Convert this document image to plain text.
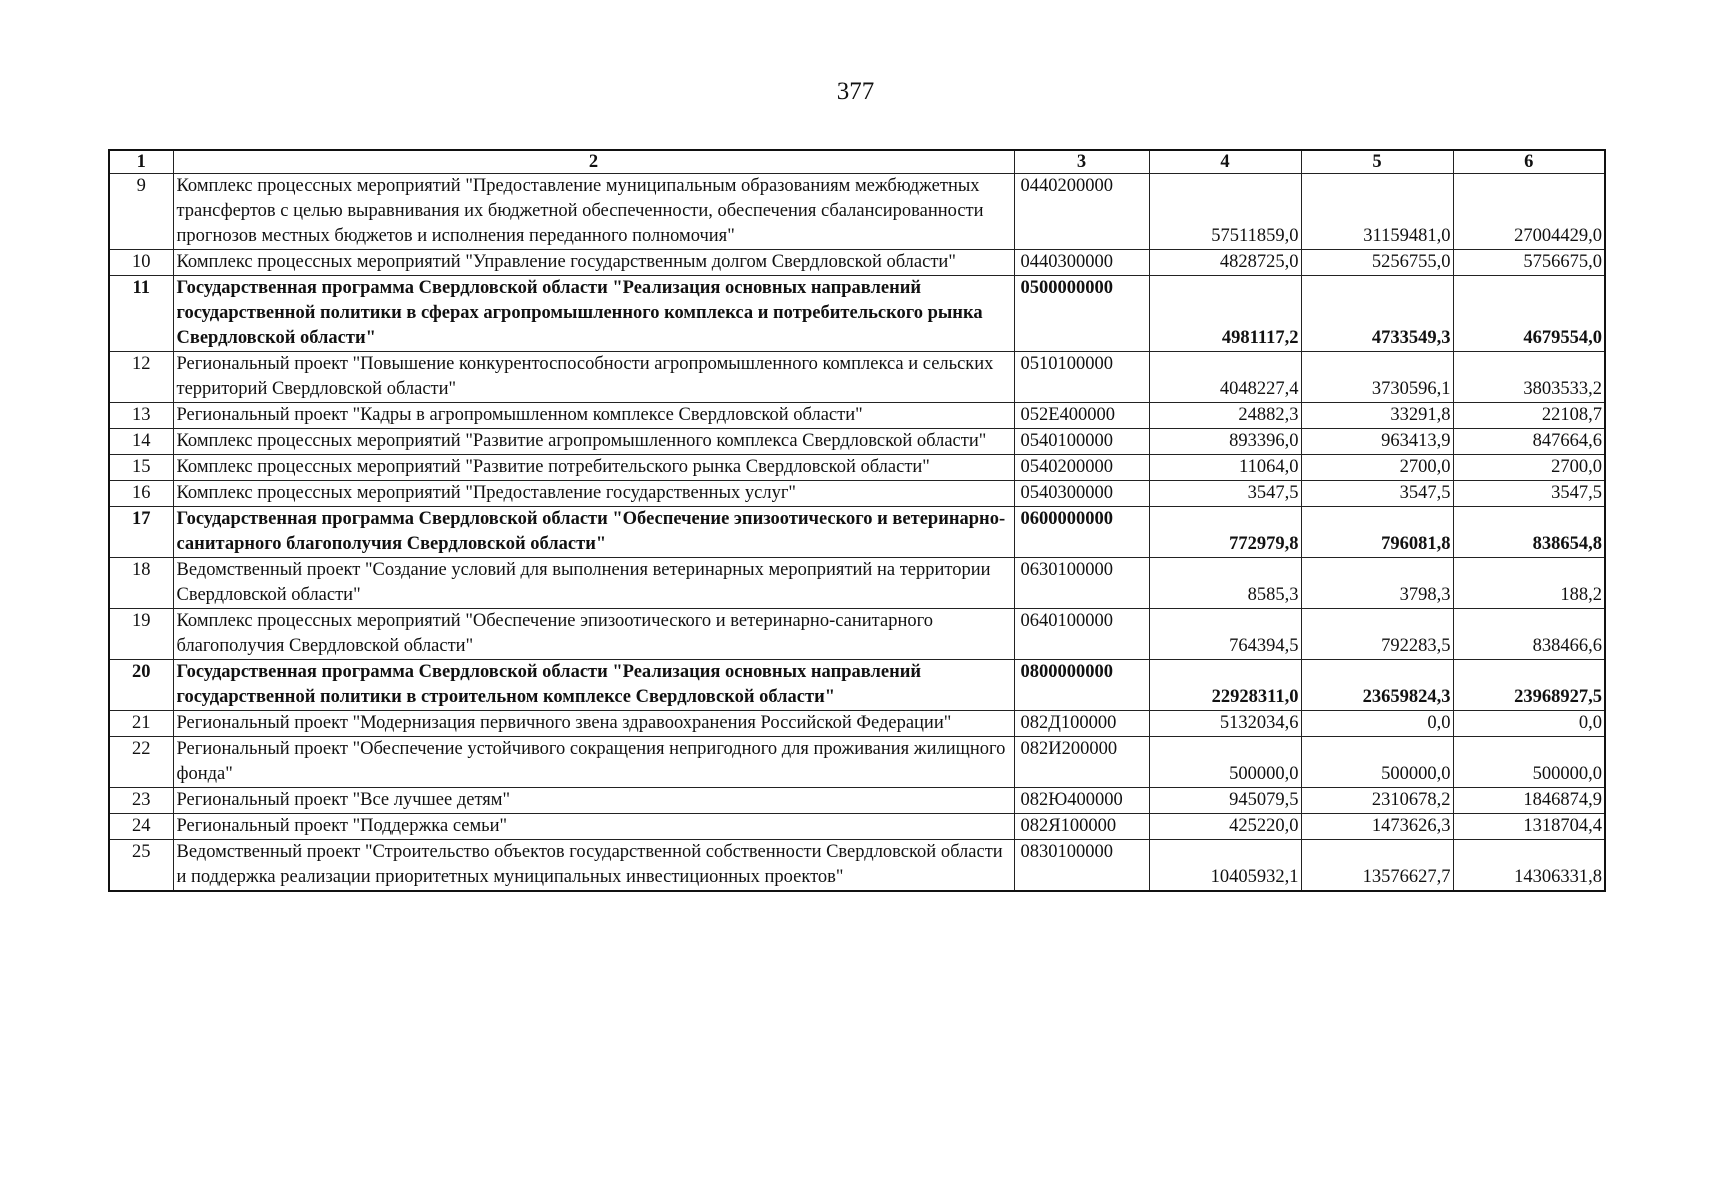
377
1	2	3	4	5	6
9	Комплекс процессных мероприятий "Предоставление муниципальным образованиям межбюджетных трансфертов с целью выравнивания их бюджетной обеспеченности, обеспечения сбалансированности прогнозов местных бюджетов и исполнения переданного полномочия"	0440200000	57511859,0	31159481,0	27004429,0
10	Комплекс процессных мероприятий "Управление государственным долгом Свердловской области"	0440300000	4828725,0	5256755,0	5756675,0
11	Государственная программа Свердловской области "Реализация основных направлений государственной политики в сферах агропромышленного комплекса и потребительского рынка Свердловской области"	0500000000	4981117,2	4733549,3	4679554,0
12	Региональный проект "Повышение конкурентоспособности агропромышленного комплекса и сельских территорий Свердловской области"	0510100000	4048227,4	3730596,1	3803533,2
13	Региональный проект "Кадры в агропромышленном комплексе Свердловской области"	052Е400000	24882,3	33291,8	22108,7
14	Комплекс процессных мероприятий "Развитие агропромышленного комплекса Свердловской области"	0540100000	893396,0	963413,9	847664,6
15	Комплекс процессных мероприятий "Развитие потребительского рынка Свердловской области"	0540200000	11064,0	2700,0	2700,0
16	Комплекс процессных мероприятий "Предоставление государственных услуг"	0540300000	3547,5	3547,5	3547,5
17	Государственная программа Свердловской области "Обеспечение эпизоотического и ветеринарно-санитарного благополучия Свердловской области"	0600000000	772979,8	796081,8	838654,8
18	Ведомственный проект "Создание условий для выполнения ветеринарных мероприятий на территории Свердловской области"	0630100000	8585,3	3798,3	188,2
19	Комплекс процессных мероприятий "Обеспечение эпизоотического и ветеринарно-санитарного благополучия Свердловской области"	0640100000	764394,5	792283,5	838466,6
20	Государственная программа Свердловской области "Реализация основных направлений государственной политики в строительном комплексе Свердловской области"	0800000000	22928311,0	23659824,3	23968927,5
21	Региональный проект "Модернизация первичного звена здравоохранения Российской Федерации"	082Д100000	5132034,6	0,0	0,0
22	Региональный проект "Обеспечение устойчивого сокращения непригодного для проживания жилищного фонда"	082И200000	500000,0	500000,0	500000,0
23	Региональный проект "Все лучшее детям"	082Ю400000	945079,5	2310678,2	1846874,9
24	Региональный проект "Поддержка семьи"	082Я100000	425220,0	1473626,3	1318704,4
25	Ведомственный проект "Строительство объектов государственной собственности Свердловской области и поддержка реализации приоритетных муниципальных инвестиционных проектов"	0830100000	10405932,1	13576627,7	14306331,8
